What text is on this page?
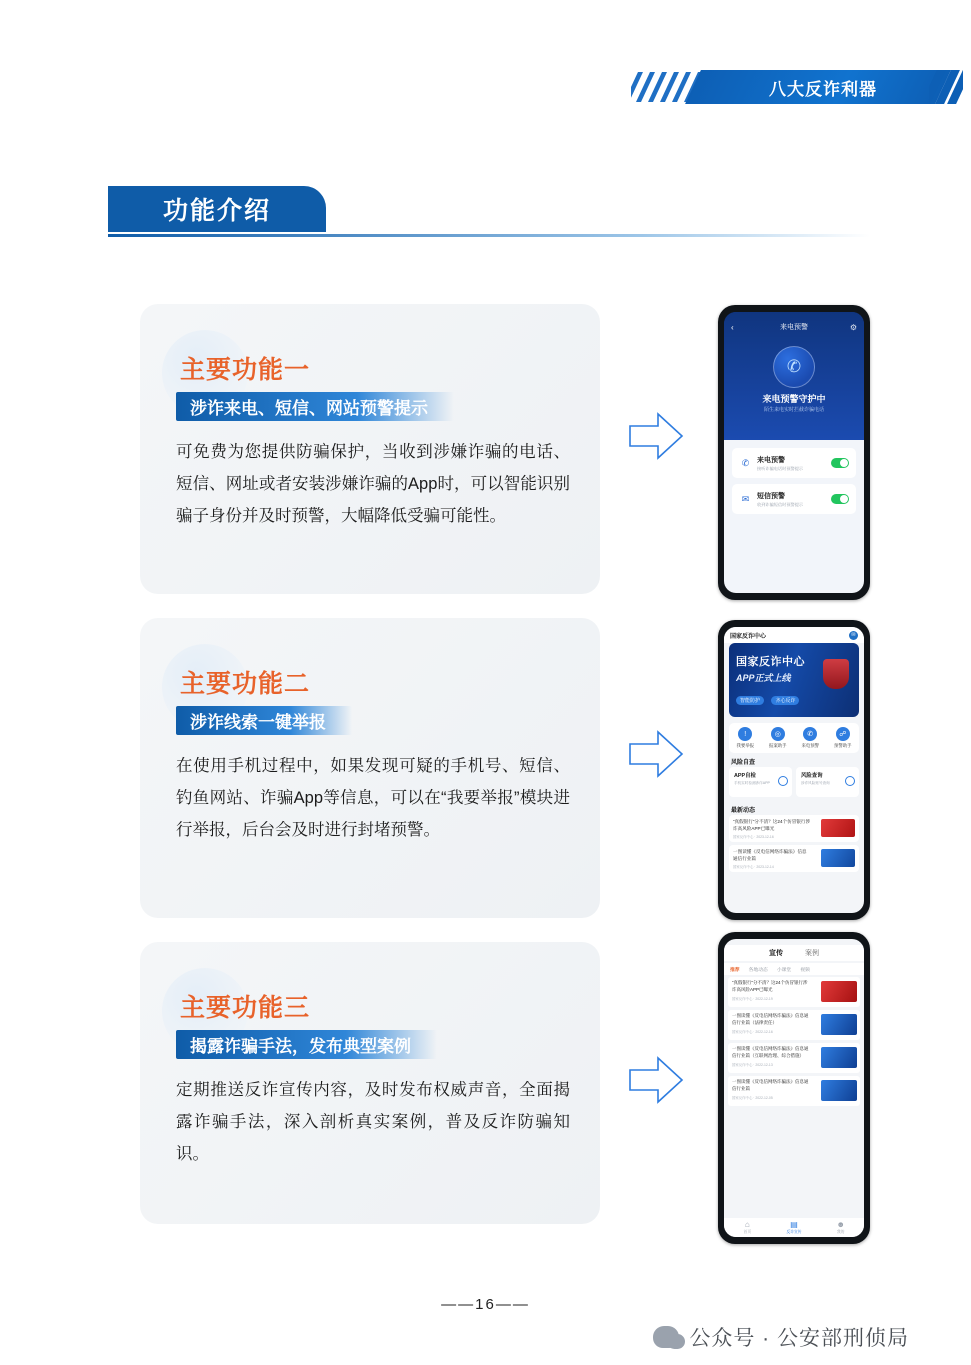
八大反诈利器
功能介绍
主要功能一
涉诈来电、短信、网站预警提示
可免费为您提供防骗保护，当收到涉嫌诈骗的电话、短信、网址或者安装涉嫌诈骗的App时，可以智能识别骗子身份并及时预警，大幅降低受骗可能性。
主要功能二
涉诈线索一键举报
在使用手机过程中，如果发现可疑的手机号、短信、钓鱼网站、诈骗App等信息，可以在“我要举报”模块进行举报，后台会及时进行封堵预警。
主要功能三
揭露诈骗手法，发布典型案例
定期推送反诈宣传内容，及时发布权威声音，全面揭露诈骗手法，深入剖析真实案例，普及反诈防骗知识。
‹	来电预警	⚙
✆
来电预警守护中
陌生来电实时拦截诈骗电话
✆	来电预警
接听诈骗电话时预警提示
✉	短信预警
收到诈骗短信时预警提示
国家反诈中心	✉
国家反诈中心
APP正式上线

智能防护	齐心反诈

!
我要举报
◎
报案助手
✆
来电预警
☍
预警助手
风险自查
APP自检
手机实时检测涉诈APP
风险查询
涉诈风险账号查询
最新动态

“真假银行”分不清？这24个仿冒银行涉诈高风险APP已曝光

国家反诈中心 · 2023-12-16

一图读懂《反电信网络诈骗法》信息通信行业篇

国家反诈中心 · 2023-12-14
宣传	案例
推荐 各地动态 小课堂 视频

“真假银行”分不清？这24个仿冒银行涉诈高风险APP已曝光

国家反诈中心 · 2022-12-19

一图读懂《反电信网络诈骗法》信息通信行业篇（法律责任）

国家反诈中心 · 2022-12-16

一图读懂《反电信网络诈骗法》信息通信行业篇（互联网治理、综合措施）

国家反诈中心 · 2022-12-13

一图读懂《反电信网络诈骗法》信息通信行业篇

国家反诈中心 · 2022-12-05
⌂
首页
▤
反诈宣传
☻
我的
——16——
公众号 · 公安部刑侦局
